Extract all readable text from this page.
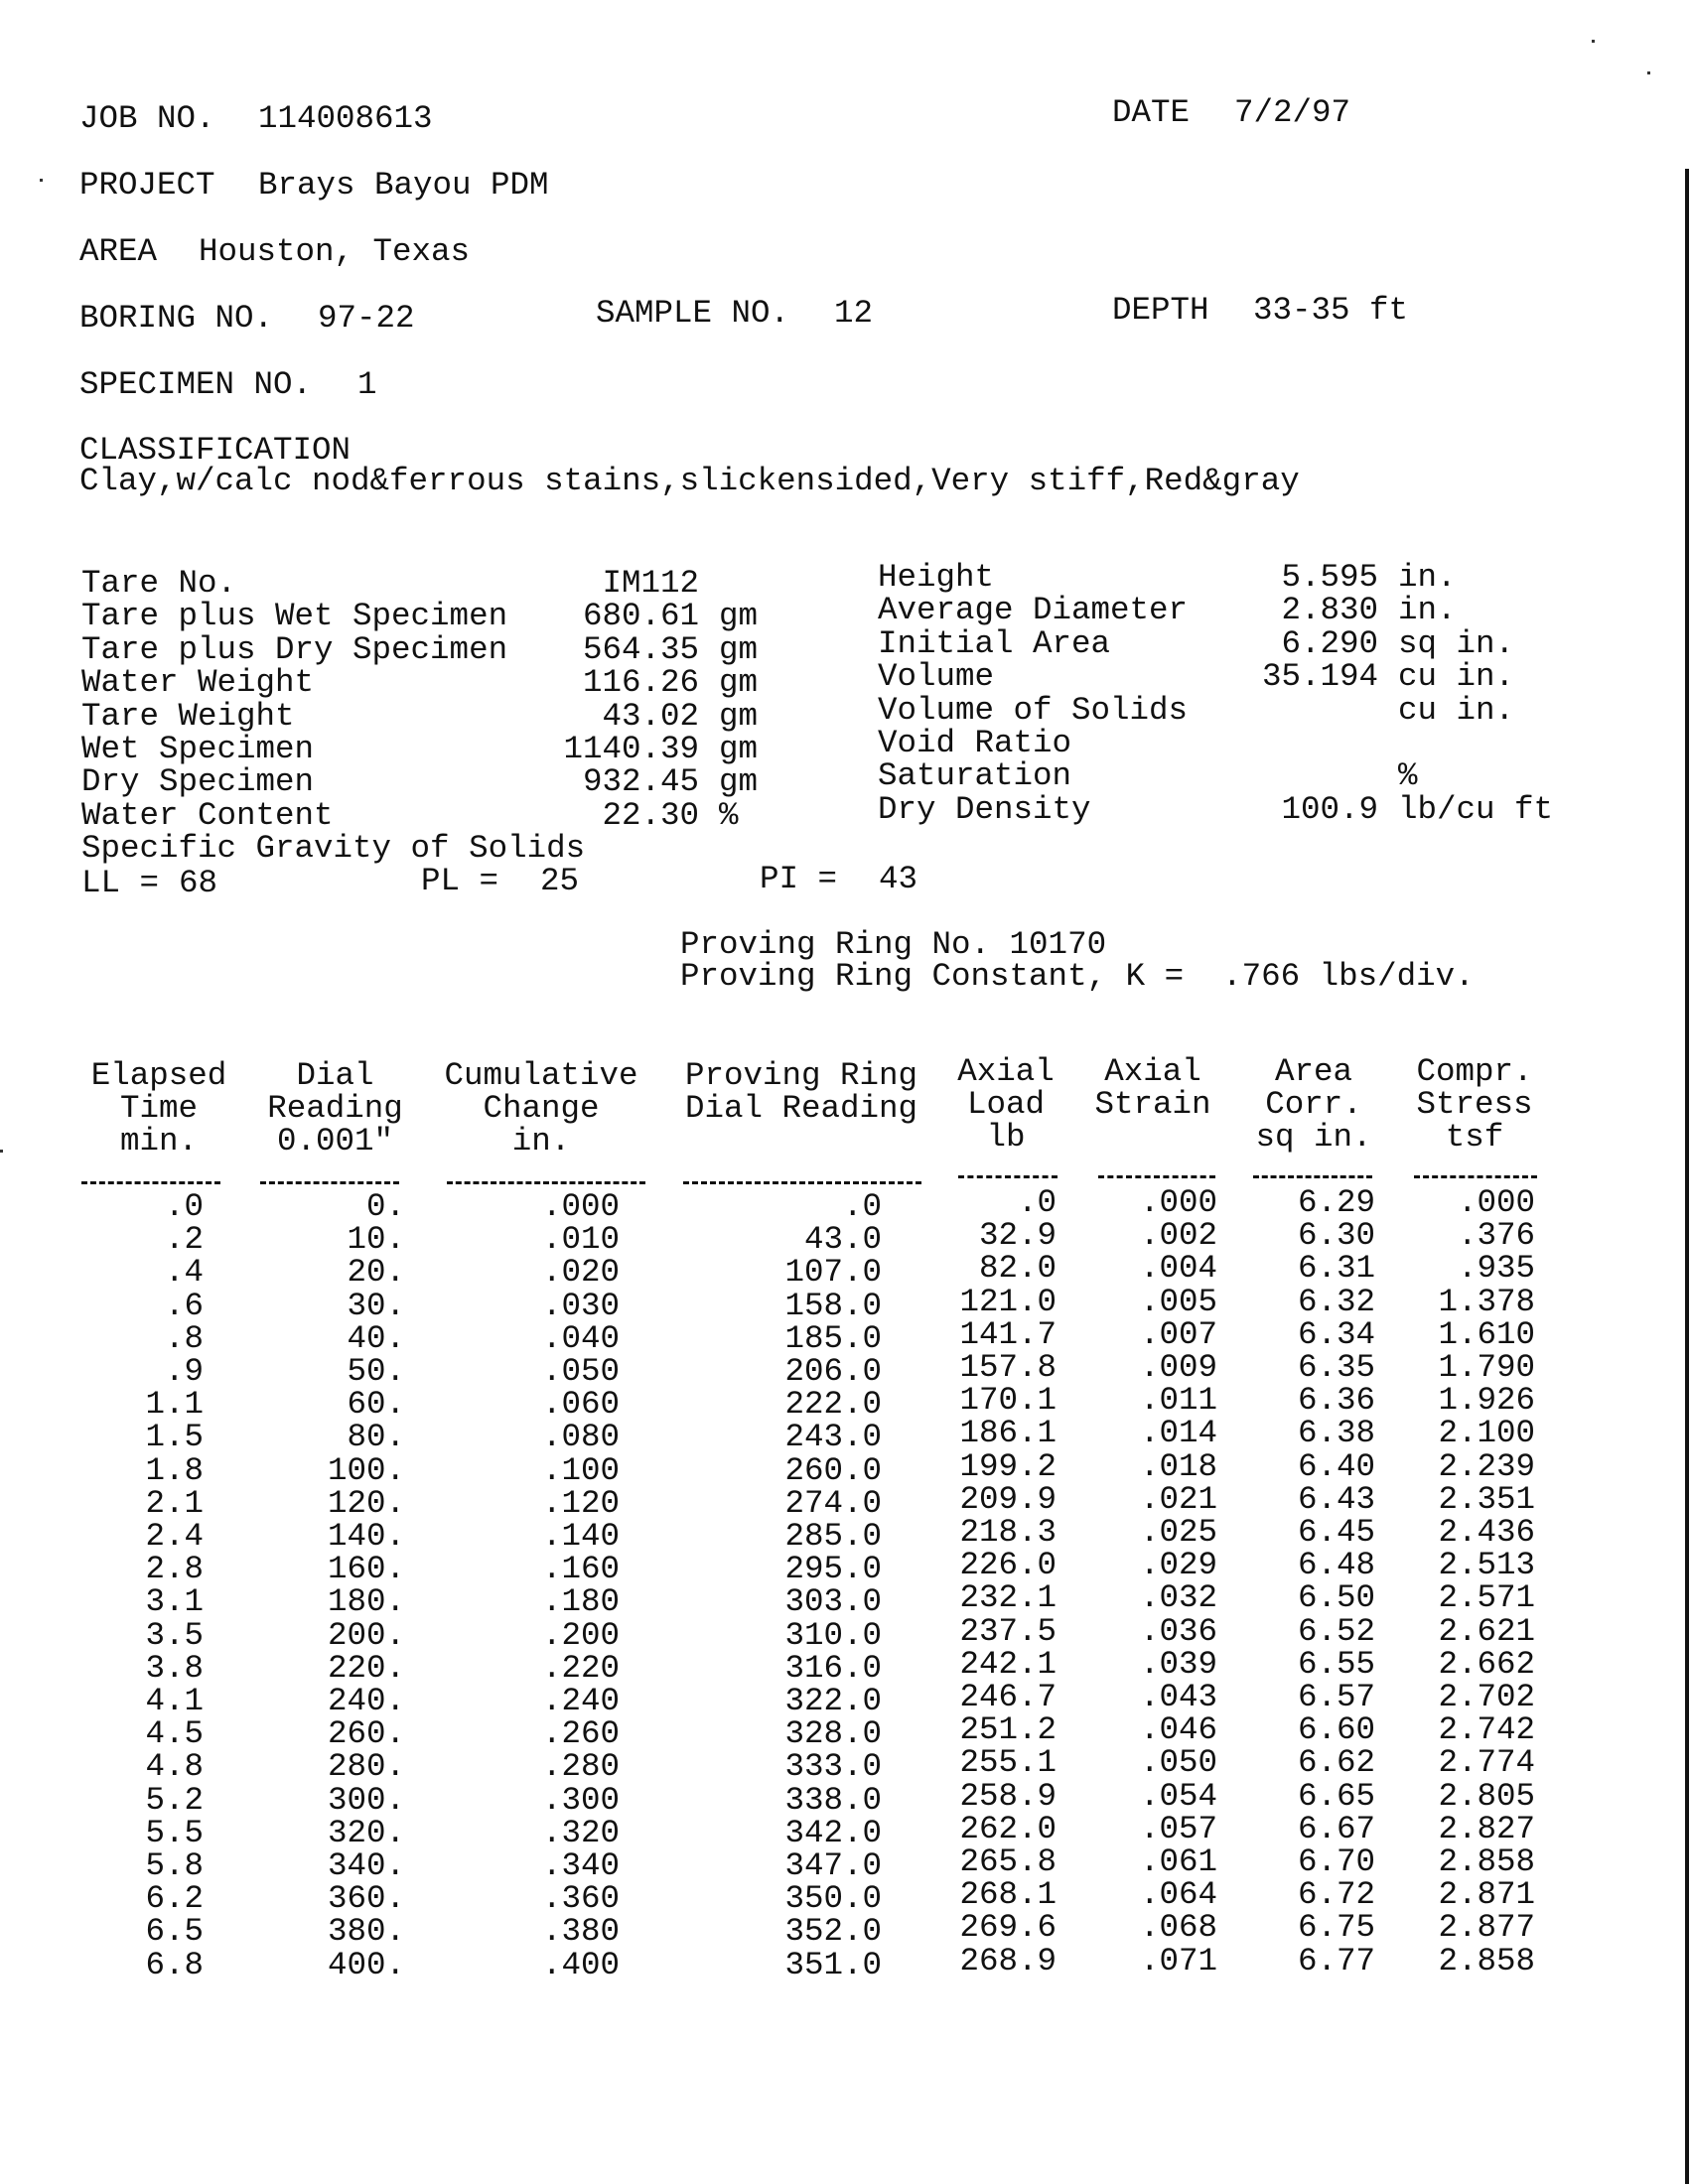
JOB NO. 114008613	DATE 7/2/97
PROJECT Brays Bayou PDM
AREA Houston, Texas
BORING NO. 97-22	SAMPLE NO. 12	DEPTH 33-35 ft
SPECIMEN NO. 1
CLASSIFICATION
Clay,w/calc nod&ferrous stains,slickensided,Very stiff,Red&gray
Tare No.	IM112
Tare plus Wet Specimen	680.61 gm
Tare plus Dry Specimen	564.35 gm
Water Weight	116.26 gm
Tare Weight	43.02 gm
Wet Specimen	1140.39 gm
Dry Specimen	932.45 gm
Water Content	22.30 %
Specific Gravity of Solids
Height	5.595 in.
Average Diameter	2.830 in.
Initial Area	6.290 sq in.
Volume	35.194 cu in.
Volume of Solids	cu in.
Void Ratio
Saturation	%
Dry Density	100.9 lb/cu ft
LL = 68	PL = 25	PI = 43
Proving Ring No. 10170
Proving Ring Constant, K =  .766 lbs/div.
Elapsed
Time
min.
Dial
Reading
0.001"
Cumulative
Change
in.
Proving Ring
Dial Reading
Axial
Load
lb
Axial
Strain
Area
Corr.
sq in.
Compr.
Stress
tsf
.0	0.	.000	.0	.0	.000	6.29	.000
.2	10.	.010	43.0	32.9	.002	6.30	.376
.4	20.	.020	107.0	82.0	.004	6.31	.935
.6	30.	.030	158.0	121.0	.005	6.32	1.378
.8	40.	.040	185.0	141.7	.007	6.34	1.610
.9	50.	.050	206.0	157.8	.009	6.35	1.790
1.1	60.	.060	222.0	170.1	.011	6.36	1.926
1.5	80.	.080	243.0	186.1	.014	6.38	2.100
1.8	100.	.100	260.0	199.2	.018	6.40	2.239
2.1	120.	.120	274.0	209.9	.021	6.43	2.351
2.4	140.	.140	285.0	218.3	.025	6.45	2.436
2.8	160.	.160	295.0	226.0	.029	6.48	2.513
3.1	180.	.180	303.0	232.1	.032	6.50	2.571
3.5	200.	.200	310.0	237.5	.036	6.52	2.621
3.8	220.	.220	316.0	242.1	.039	6.55	2.662
4.1	240.	.240	322.0	246.7	.043	6.57	2.702
4.5	260.	.260	328.0	251.2	.046	6.60	2.742
4.8	280.	.280	333.0	255.1	.050	6.62	2.774
5.2	300.	.300	338.0	258.9	.054	6.65	2.805
5.5	320.	.320	342.0	262.0	.057	6.67	2.827
5.8	340.	.340	347.0	265.8	.061	6.70	2.858
6.2	360.	.360	350.0	268.1	.064	6.72	2.871
6.5	380.	.380	352.0	269.6	.068	6.75	2.877
6.8	400.	.400	351.0	268.9	.071	6.77	2.858
